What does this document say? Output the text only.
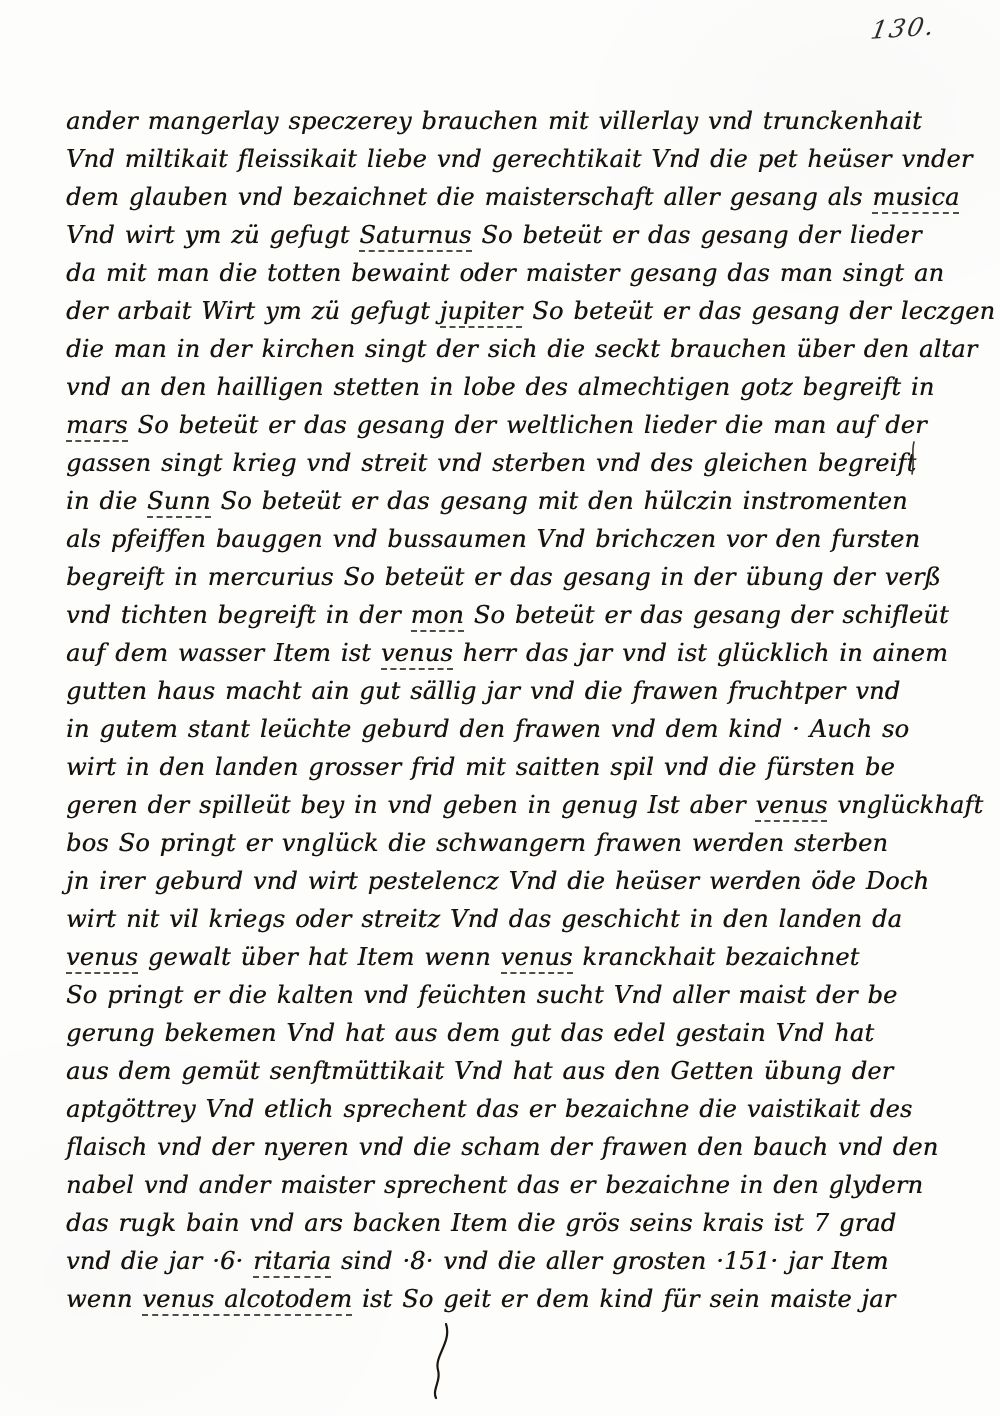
130.
ander mangerlay speczerey brauchen mit villerlay vnd trunckenhait
Vnd miltikait fleissikait liebe vnd gerechtikait Vnd die pet heüser vnder
dem glauben vnd bezaichnet die maisterschaft aller gesang als musica
Vnd wirt ym zü gefugt Saturnus So beteüt er das gesang der lieder
da mit man die totten bewaint oder maister gesang das man singt an
der arbait Wirt ym zü gefugt jupiter So beteüt er das gesang der leczgen
die man in der kirchen singt der sich die seckt brauchen über den altar
vnd an den hailligen stetten in lobe des almechtigen gotz begreift in
mars So beteüt er das gesang der weltlichen lieder die man auf der
gassen singt krieg vnd streit vnd sterben vnd des gleichen begreift
in die Sunn So beteüt er das gesang mit den hülczin instromenten
als pfeiffen bauggen vnd bussaumen Vnd brichczen vor den fursten
begreift in mercurius So beteüt er das gesang in der übung der verß
vnd tichten begreift in der mon So beteüt er das gesang der schifleüt
auf dem wasser Item ist venus herr das jar vnd ist glücklich in ainem
gutten haus macht ain gut sällig jar vnd die frawen fruchtper vnd
in gutem stant leüchte geburd den frawen vnd dem kind · Auch so
wirt in den landen grosser frid mit saitten spil vnd die fürsten be
geren der spilleüt bey in vnd geben in genug Ist aber venus vnglückhaft
bos So pringt er vnglück die schwangern frawen werden sterben
jn irer geburd vnd wirt pestelencz Vnd die heüser werden öde Doch
wirt nit vil kriegs oder streitz Vnd das geschicht in den landen da
venus gewalt über hat Item wenn venus kranckhait bezaichnet
So pringt er die kalten vnd feüchten sucht Vnd aller maist der be
gerung bekemen Vnd hat aus dem gut das edel gestain Vnd hat
aus dem gemüt senftmüttikait Vnd hat aus den Getten übung der
aptgöttrey Vnd etlich sprechent das er bezaichne die vaistikait des
flaisch vnd der nyeren vnd die scham der frawen den bauch vnd den
nabel vnd ander maister sprechent das er bezaichne in den glydern
das rugk bain vnd ars backen Item die grös seins krais ist 7 grad
vnd die jar ·6· ritaria sind ·8· vnd die aller grosten ·151· jar Item
wenn venus alcotodem ist So geit er dem kind für sein maiste jar
